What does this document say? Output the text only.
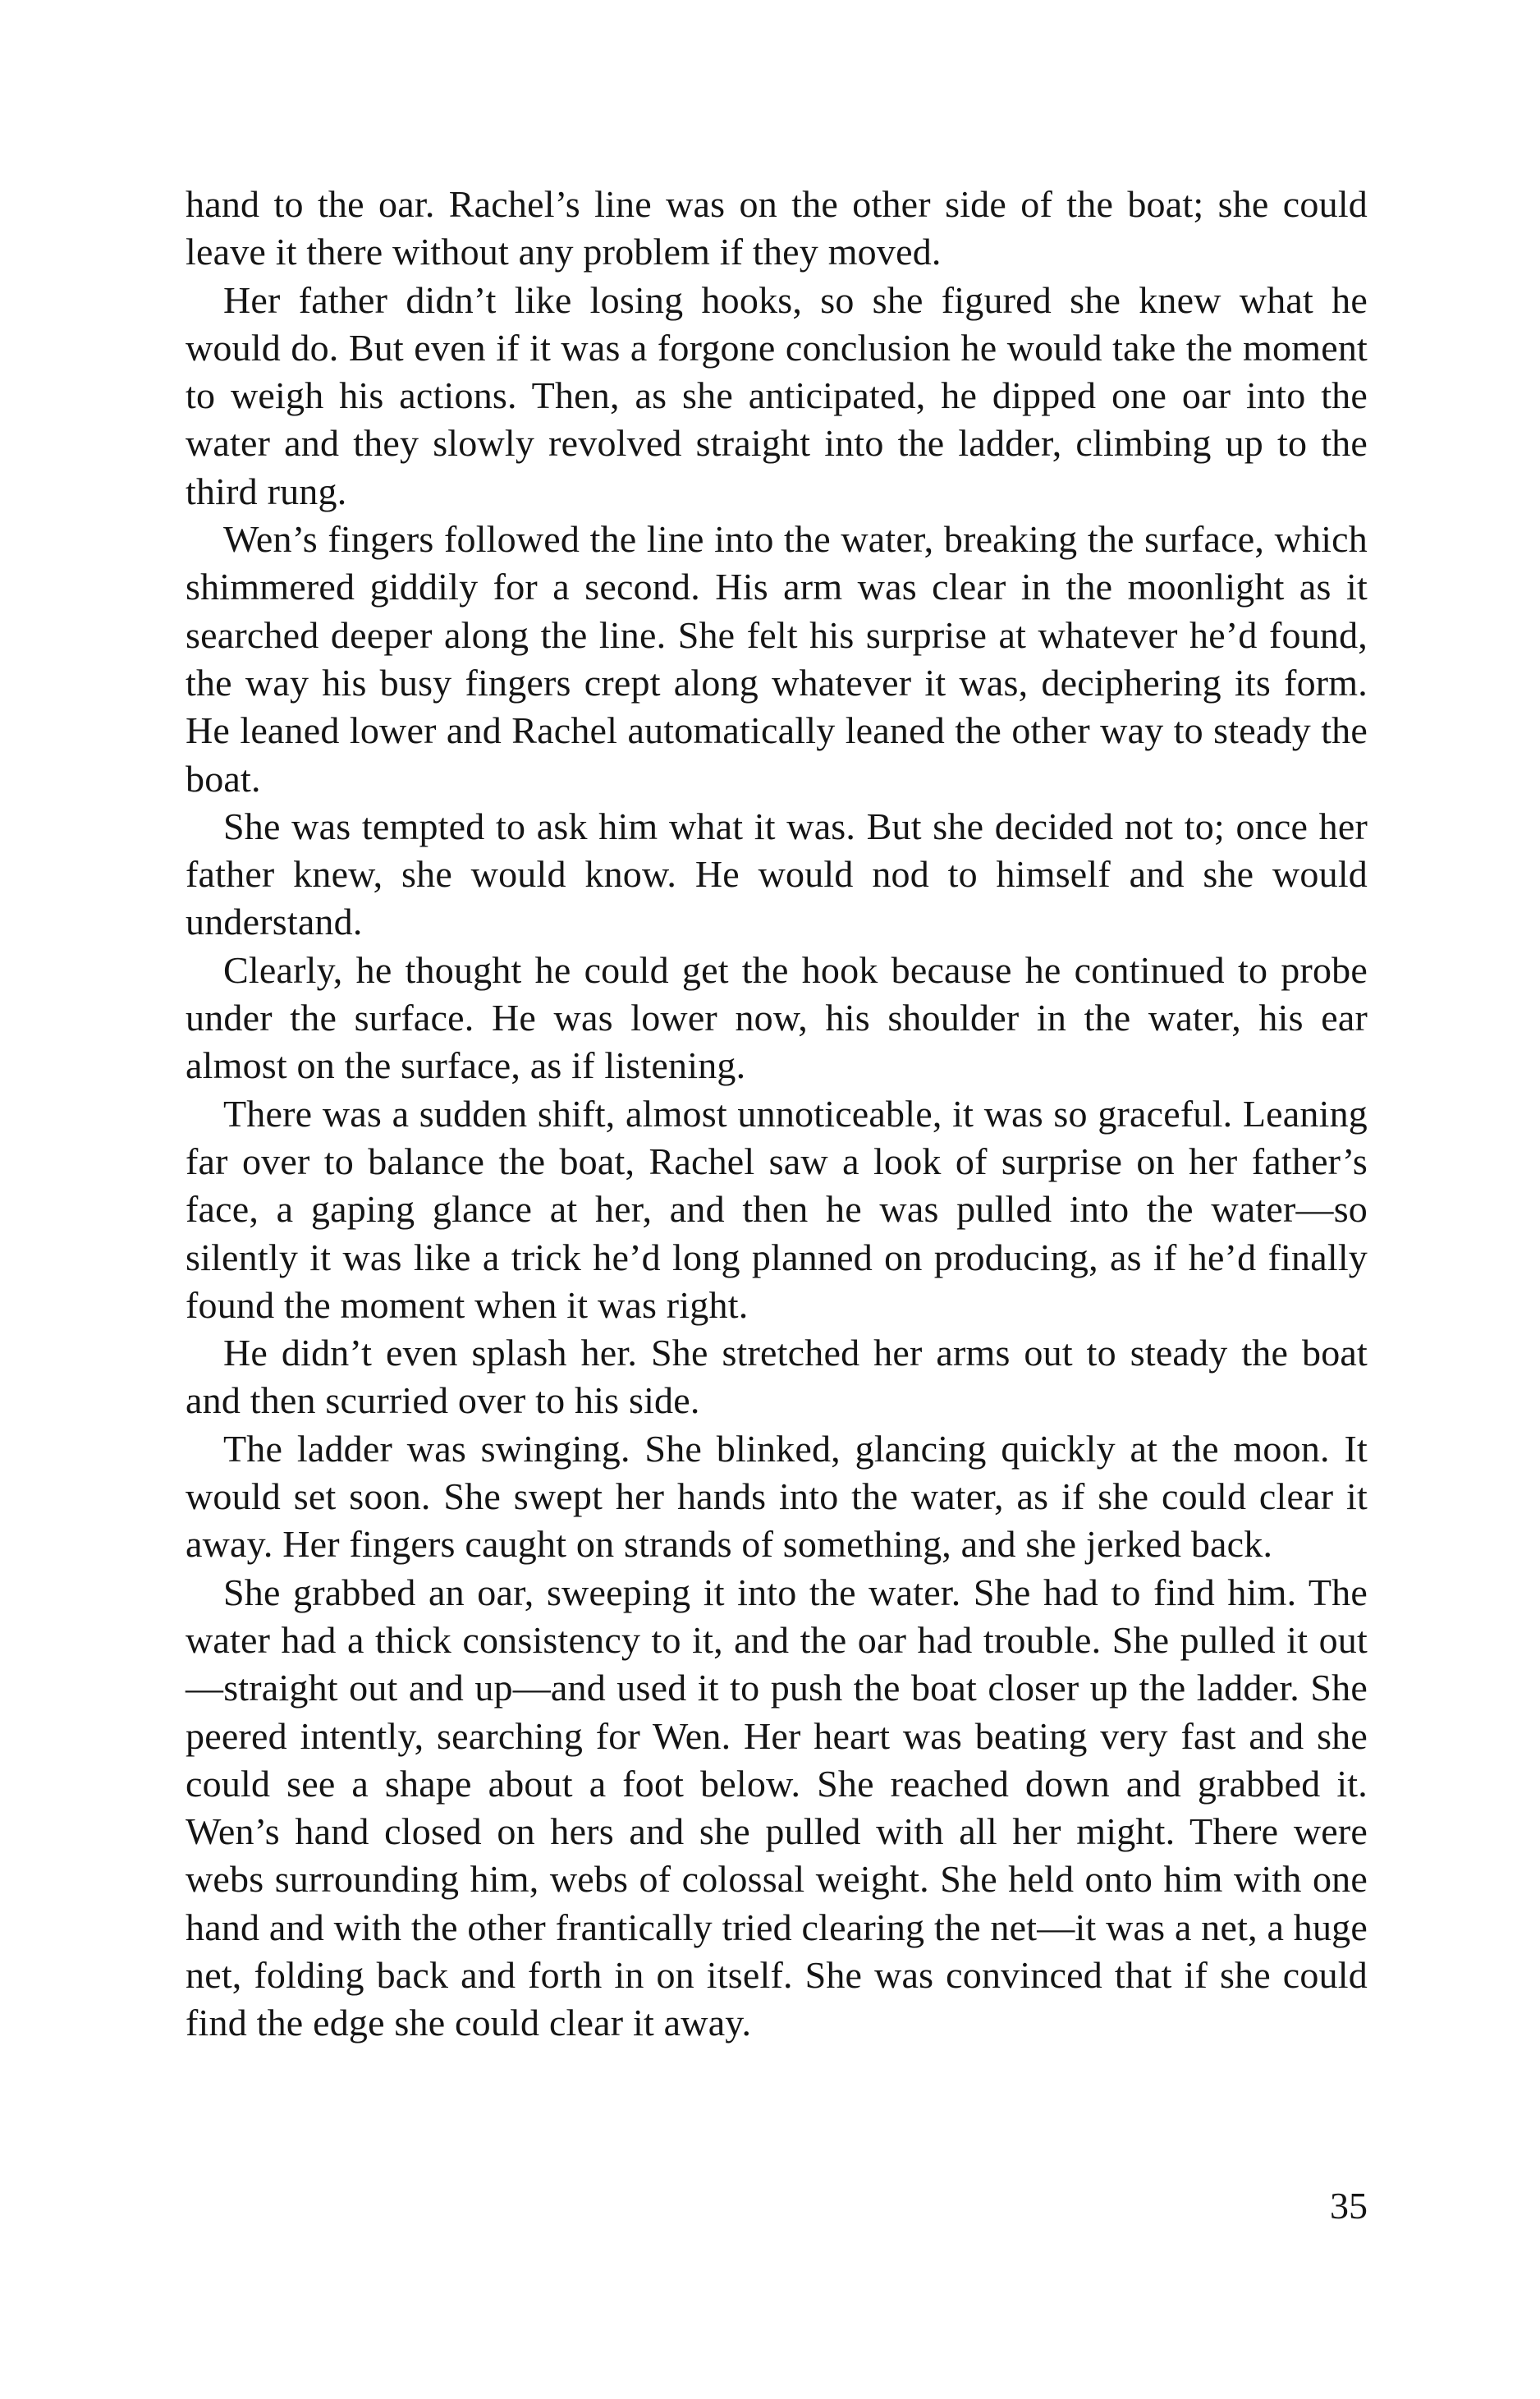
hand to the oar. Rachel’s line was on the other side of the boat; she could leave it there without any problem if they moved.

Her father didn’t like losing hooks, so she figured she knew what he would do. But even if it was a forgone conclusion he would take the moment to weigh his actions. Then, as she anticipated, he dipped one oar into the water and they slowly revolved straight into the ladder, climbing up to the third rung.

Wen’s fingers followed the line into the water, breaking the surface, which shimmered giddily for a second. His arm was clear in the moonlight as it searched deeper along the line. She felt his surprise at whatever he’d found, the way his busy fingers crept along whatever it was, deciphering its form. He leaned lower and Rachel automatically leaned the other way to steady the boat.

She was tempted to ask him what it was. But she decided not to; once her father knew, she would know. He would nod to himself and she would understand.

Clearly, he thought he could get the hook because he continued to probe under the surface. He was lower now, his shoulder in the water, his ear almost on the surface, as if listening.

There was a sudden shift, almost unnoticeable, it was so graceful. Leaning far over to balance the boat, Rachel saw a look of surprise on her father’s face, a gaping glance at her, and then he was pulled into the water—so silently it was like a trick he’d long planned on producing, as if he’d finally found the moment when it was right.

He didn’t even splash her. She stretched her arms out to steady the boat and then scurried over to his side.

The ladder was swinging. She blinked, glancing quickly at the moon. It would set soon. She swept her hands into the water, as if she could clear it away. Her fingers caught on strands of something, and she jerked back.

She grabbed an oar, sweeping it into the water. She had to find him. The water had a thick consistency to it, and the oar had trouble. She pulled it out—straight out and up—and used it to push the boat closer up the ladder. She peered intently, searching for Wen. Her heart was beating very fast and she could see a shape about a foot below. She reached down and grabbed it. Wen’s hand closed on hers and she pulled with all her might. There were webs surrounding him, webs of colossal weight. She held onto him with one hand and with the other frantically tried clearing the net—it was a net, a huge net, folding back and forth in on itself. She was convinced that if she could find the edge she could clear it away.

35
